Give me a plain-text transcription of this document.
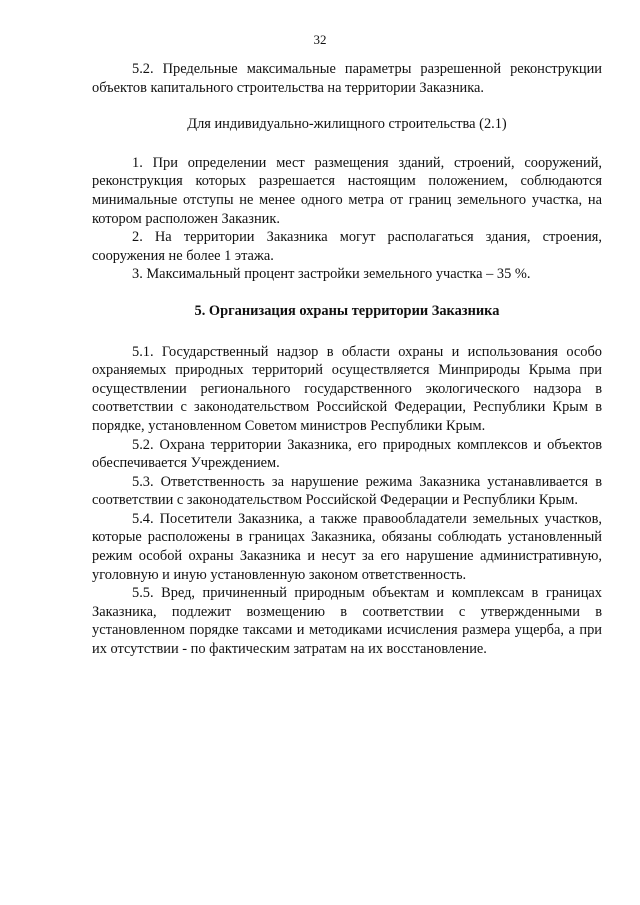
32

5.2. Предельные максимальные параметры разрешенной реконструкции объектов капитального строительства на территории Заказника.

Для индивидуально-жилищного строительства (2.1)

1. При определении мест размещения зданий, строений, сооружений, реконструкция которых разрешается настоящим положением, соблюдаются минимальные отступы не менее одного метра от границ земельного участка, на котором расположен Заказник.

2. На территории Заказника могут располагаться здания, строения, сооружения не более 1 этажа.

3. Максимальный процент застройки земельного участка – 35 %.

5. Организация охраны территории Заказника

5.1. Государственный надзор в области охраны и использования особо охраняемых природных территорий осуществляется Минприроды Крыма при осуществлении регионального государственного экологического надзора в соответствии с законодательством Российской Федерации, Республики Крым в порядке, установленном Советом министров Республики Крым.

5.2. Охрана территории Заказника, его природных комплексов и объектов обеспечивается Учреждением.

5.3. Ответственность за нарушение режима Заказника устанавливается в соответствии с законодательством Российской Федерации и Республики Крым.

5.4. Посетители Заказника, а также правообладатели земельных участков, которые расположены в границах Заказника, обязаны соблюдать установленный режим особой охраны Заказника и несут за его нарушение административную, уголовную и иную установленную законом ответственность.

5.5. Вред, причиненный природным объектам и комплексам в границах Заказника, подлежит возмещению в соответствии с утвержденными в установленном порядке таксами и методиками исчисления размера ущерба, а при их отсутствии - по фактическим затратам на их восстановление.
